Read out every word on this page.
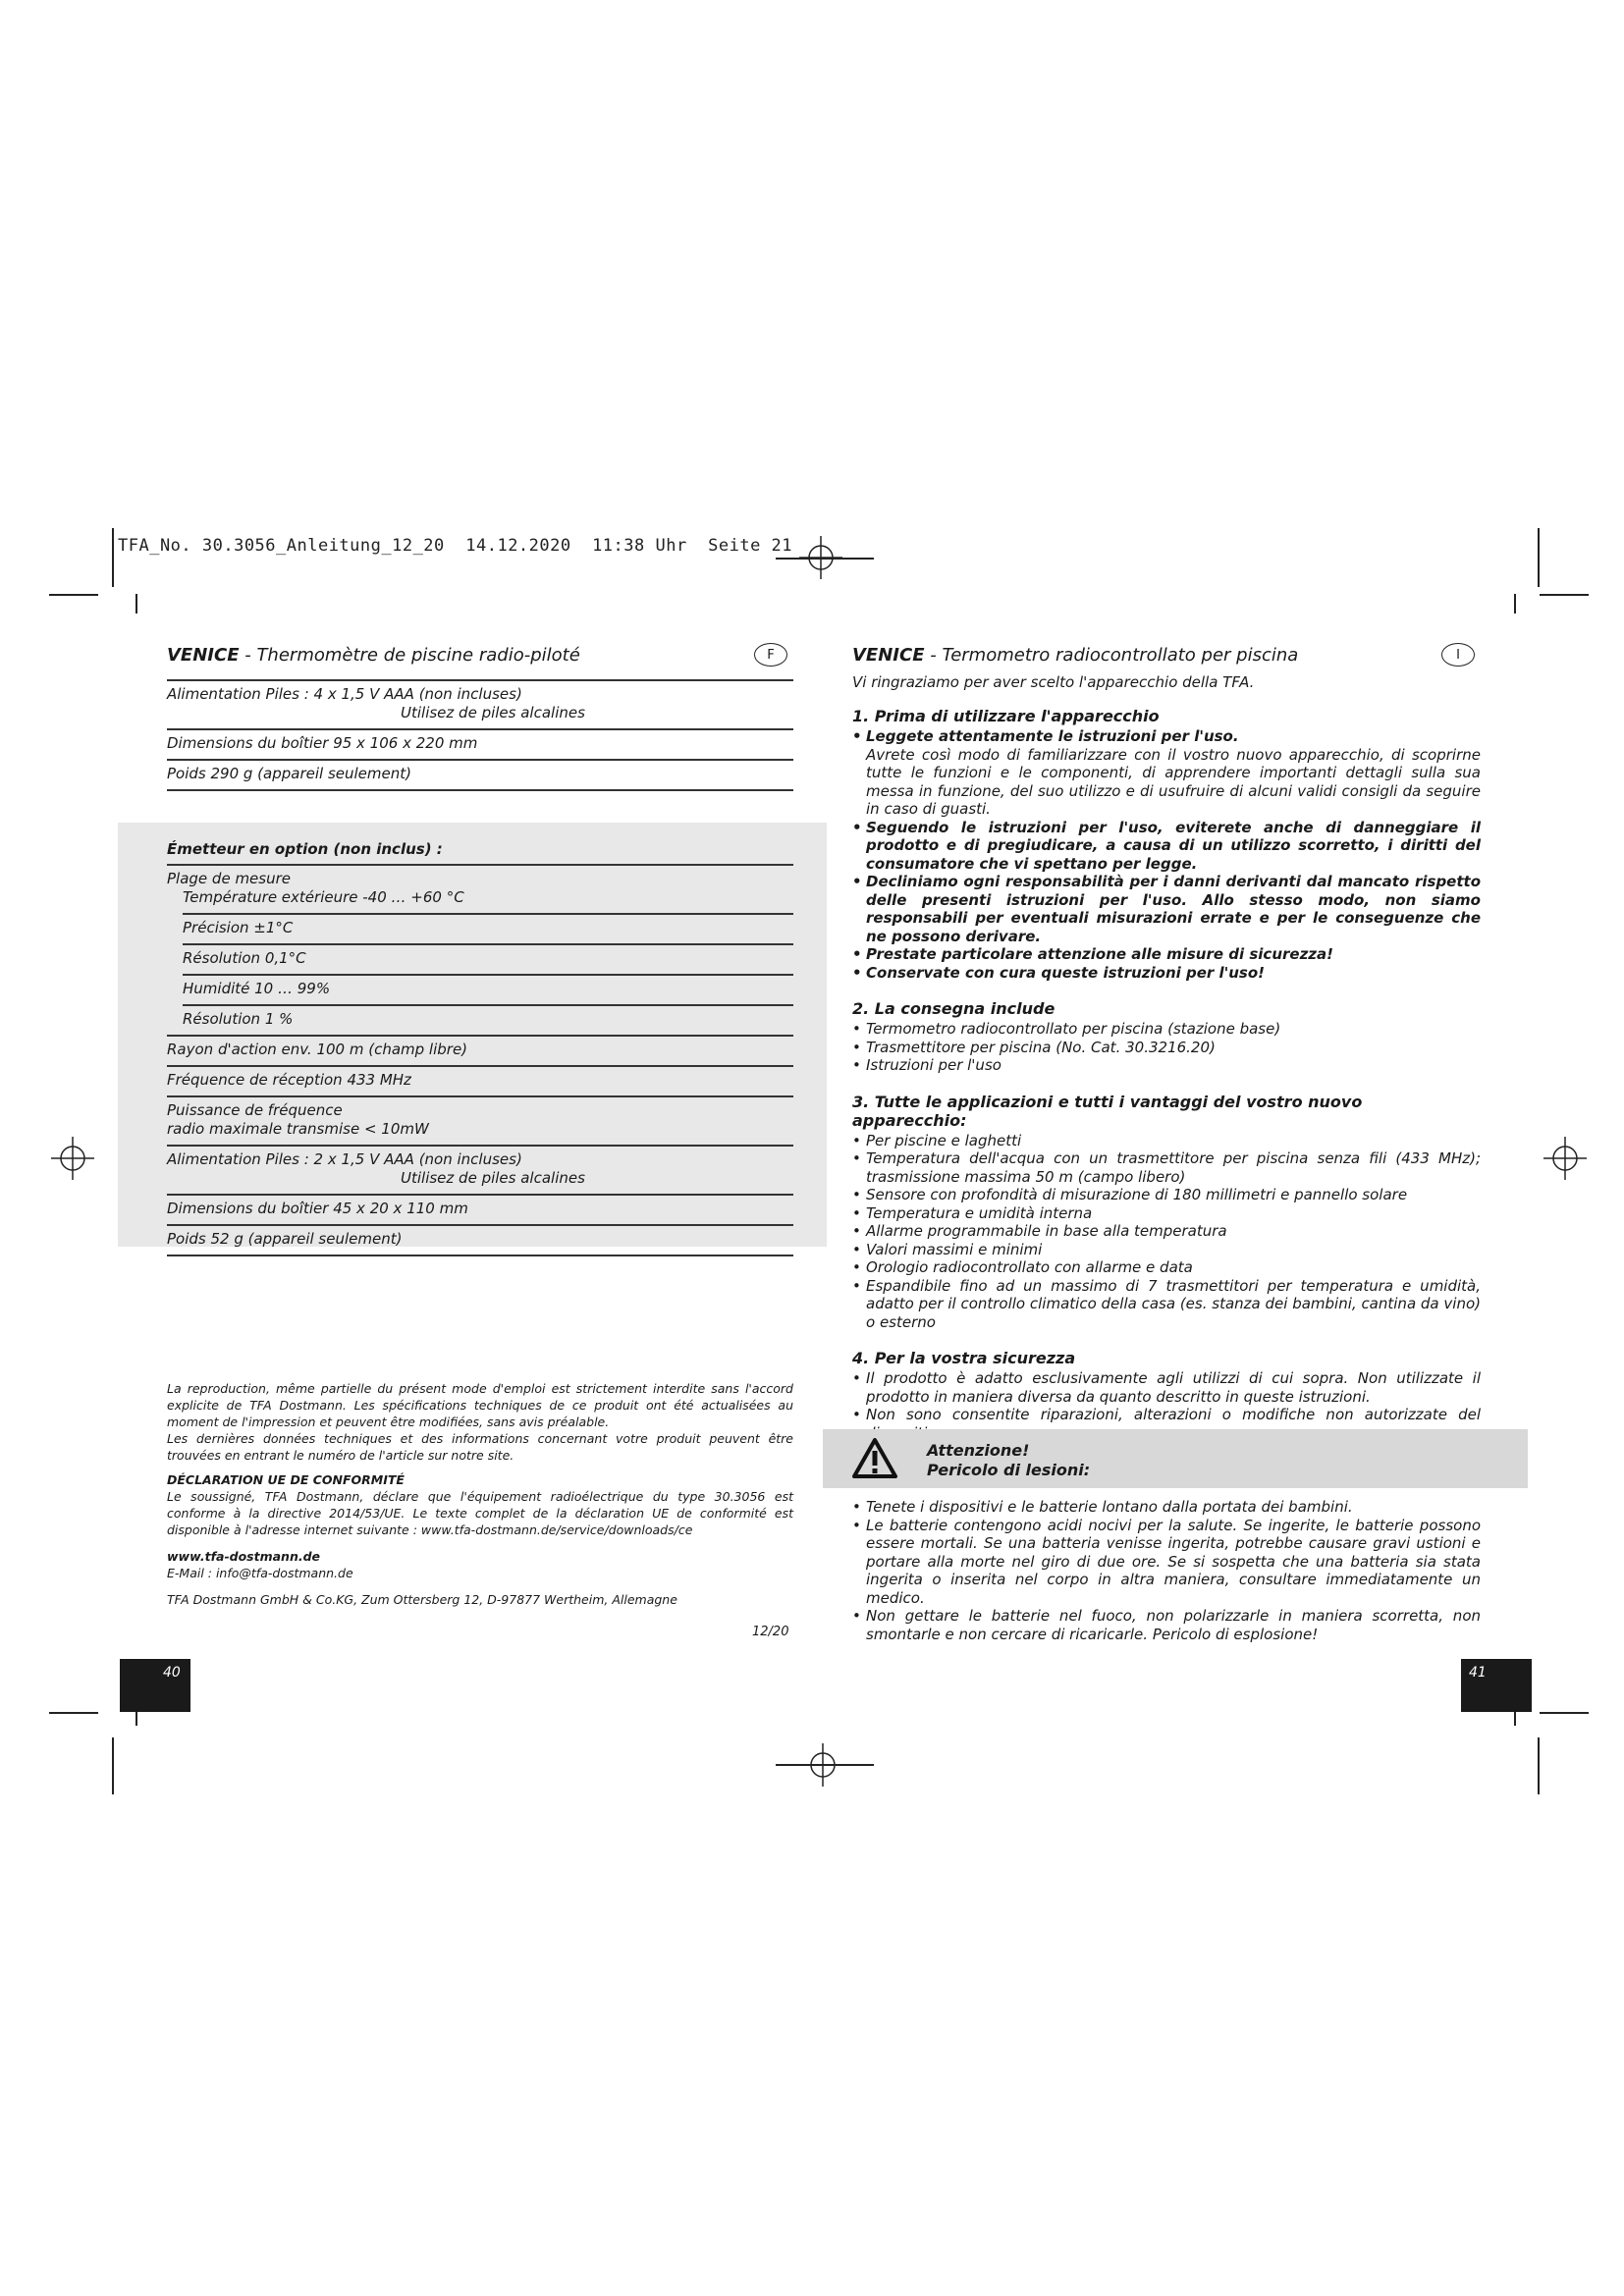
TFA_No. 30.3056_Anleitung_12_20  14.12.2020  11:38 Uhr  Seite 21
VENICE - Thermomètre de piscine radio-piloté	F
Alimentation Piles : 4 x 1,5 V AAA (non incluses)
Utilisez de piles alcalines
Dimensions du boîtier 95 x 106 x 220 mm
Poids 290 g (appareil seulement)
Émetteur en option (non inclus) :
Plage de mesure
Température extérieure -40 … +60 °C
Précision ±1°C
Résolution 0,1°C
Humidité 10 … 99%
Résolution 1 %
Rayon d'action env. 100 m (champ libre)
Fréquence de réception 433 MHz
Puissance de fréquence
radio maximale transmise < 10mW
Alimentation Piles : 2 x 1,5 V AAA (non incluses)
Utilisez de piles alcalines
Dimensions du boîtier 45 x 20 x 110 mm
Poids 52 g (appareil seulement)

La reproduction, même partielle du présent mode d'emploi est strictement interdite sans l'accord explicite de TFA Dostmann. Les spécifications techniques de ce produit ont été actualisées au moment de l'impression et peuvent être modifiées, sans avis préalable.

Les dernières données techniques et des informations concernant votre produit peuvent être trouvées en entrant le numéro de l'article sur notre site.

DÉCLARATION UE DE CONFORMITÉ

Le soussigné, TFA Dostmann, déclare que l'équipement radioélectrique du type 30.3056 est conforme à la directive 2014/53/UE. Le texte complet de la déclaration UE de conformité est disponible à l'adresse internet suivante : www.tfa-dostmann.de/service/downloads/ce

www.tfa-dostmann.de

E-Mail : info@tfa-dostmann.de

TFA Dostmann GmbH & Co.KG, Zum Ottersberg 12, D-97877 Wertheim, Allemagne

12/20
40
VENICE - Termometro radiocontrollato per piscina	I
Vi ringraziamo per aver scelto l'apparecchio della TFA.
1. Prima di utilizzare l'apparecchio
• Leggete attentamente le istruzioni per l'uso.
Avrete così modo di familiarizzare con il vostro nuovo apparecchio, di scoprirne tutte le funzioni e le componenti, di apprendere importanti dettagli sulla sua messa in funzione, del suo utilizzo e di usufruire di alcuni validi consigli da seguire in caso di guasti.
• Seguendo le istruzioni per l'uso, eviterete anche di danneggiare il prodotto e di pregiudicare, a causa di un utilizzo scorretto, i diritti del consumatore che vi spettano per legge.
• Decliniamo ogni responsabilità per i danni derivanti dal mancato rispetto delle presenti istruzioni per l'uso. Allo stesso modo, non siamo responsabili per eventuali misurazioni errate e per le conseguenze che ne possono derivare.
• Prestate particolare attenzione alle misure di sicurezza!
• Conservate con cura queste istruzioni per l'uso!
2. La consegna include
• Termometro radiocontrollato per piscina (stazione base)
• Trasmettitore per piscina (No. Cat. 30.3216.20)
• Istruzioni per l'uso
3. Tutte le applicazioni e tutti i vantaggi del vostro nuovo apparecchio:
• Per piscine e laghetti
• Temperatura dell'acqua con un trasmettitore per piscina senza fili (433 MHz); trasmissione massima 50 m (campo libero)
• Sensore con profondità di misurazione di 180 millimetri e pannello solare
• Temperatura e umidità interna
• Allarme programmabile in base alla temperatura
• Valori massimi e minimi
• Orologio radiocontrollato con allarme e data
• Espandibile fino ad un massimo di 7 trasmettitori per temperatura e umidità, adatto per il controllo climatico della casa (es. stanza dei bambini, cantina da vino) o esterno
4. Per la vostra sicurezza
• Il prodotto è adatto esclusivamente agli utilizzi di cui sopra. Non utilizzate il prodotto in maniera diversa da quanto descritto in queste istruzioni.
• Non sono consentite riparazioni, alterazioni o modifiche non autorizzate del
Attenzione!
Pericolo di lesioni:
• Tenete i dispositivi e le batterie lontano dalla portata dei bambini.
• Le batterie contengono acidi nocivi per la salute. Se ingerite, le batterie possono essere mortali. Se una batteria venisse ingerita, potrebbe causare gravi ustioni e portare alla morte nel giro di due ore. Se si sospetta che una batteria sia stata ingerita o inserita nel corpo in altra maniera, consultare immediatamente un medico.
• Non gettare le batterie nel fuoco, non polarizzarle in maniera scorretta, non smontarle e non cercare di ricaricarle. Pericolo di esplosione!
41
